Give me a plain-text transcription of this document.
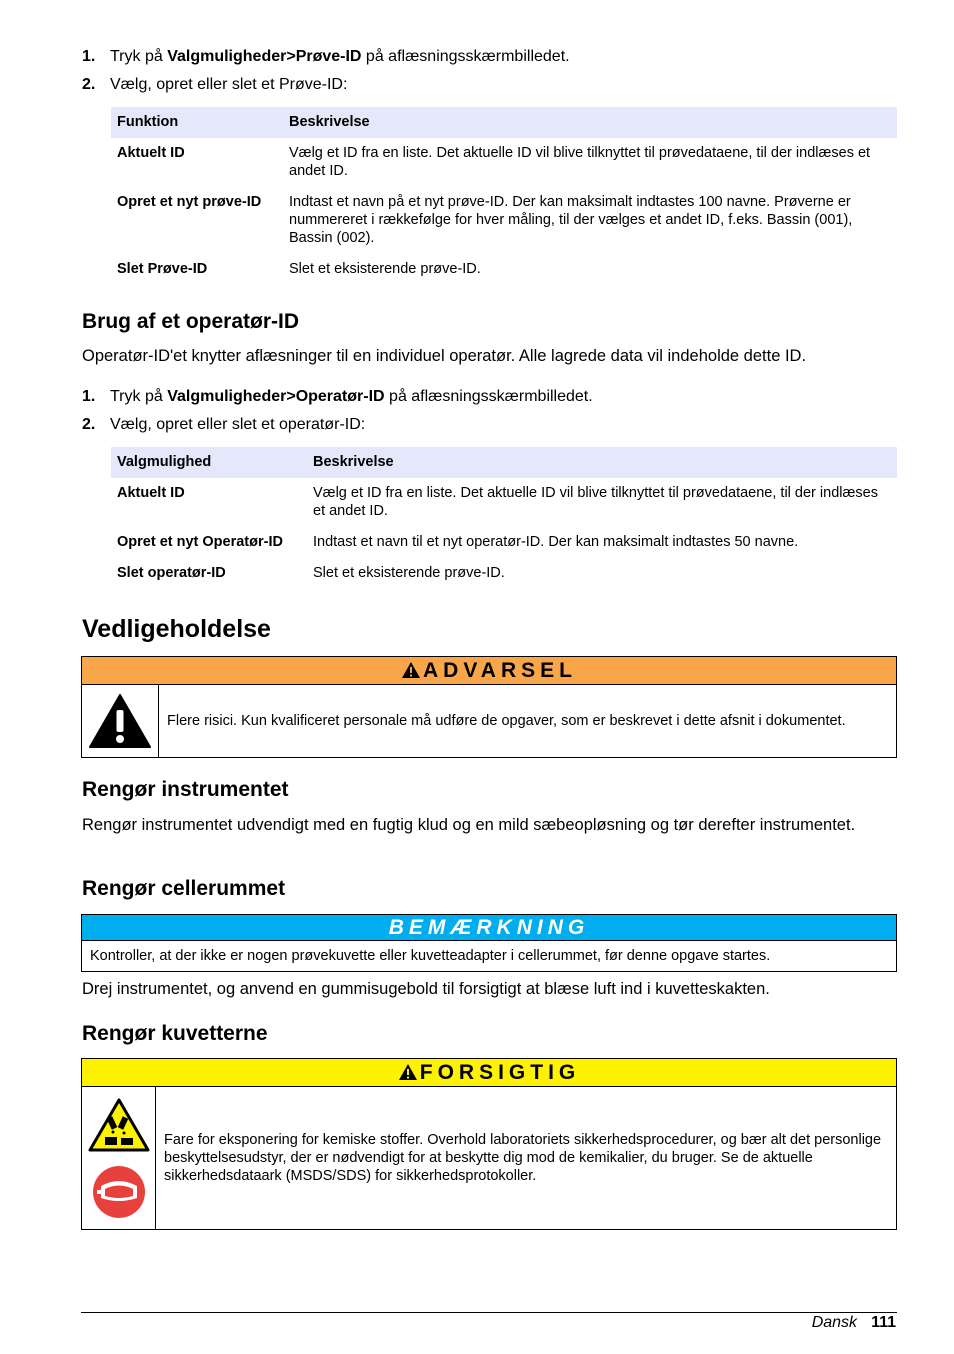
1. Tryk på Valgmuligheder>Prøve-ID på aflæsningsskærmbilledet.
2. Vælg, opret eller slet et Prøve-ID:
Funktion	Beskrivelse
Aktuelt ID	Vælg et ID fra en liste. Det aktuelle ID vil blive tilknyttet til prøvedataene, til der indlæses et andet ID.
Opret et nyt prøve-ID	Indtast et navn på et nyt prøve-ID. Der kan maksimalt indtastes 100 navne. Prøverne er nummereret i rækkefølge for hver måling, til der vælges et andet ID, f.eks. Bassin (001), Bassin (002).
Slet Prøve-ID	Slet et eksisterende prøve-ID.
Brug af et operatør-ID
Operatør-ID'et knytter aflæsninger til en individuel operatør. Alle lagrede data vil indeholde dette ID.
1. Tryk på Valgmuligheder>Operatør-ID på aflæsningsskærmbilledet.
2. Vælg, opret eller slet et operatør-ID:
Valgmulighed	Beskrivelse
Aktuelt ID	Vælg et ID fra en liste. Det aktuelle ID vil blive tilknyttet til prøvedataene, til der indlæses et andet ID.
Opret et nyt Operatør-ID	Indtast et navn til et nyt operatør-ID. Der kan maksimalt indtastes 50 navne.
Slet operatør-ID	Slet et eksisterende prøve-ID.
Vedligeholdelse
ADVARSEL
Flere risici. Kun kvalificeret personale må udføre de opgaver, som er beskrevet i dette afsnit i dokumentet.
Rengør instrumentet
Rengør instrumentet udvendigt med en fugtig klud og en mild sæbeopløsning og tør derefter instrumentet.
Rengør cellerummet
BEMÆRKNING
Kontroller, at der ikke er nogen prøvekuvette eller kuvetteadapter i cellerummet, før denne opgave startes.
Drej instrumentet, og anvend en gummisugebold til forsigtigt at blæse luft ind i kuvetteskakten.
Rengør kuvetterne
FORSIGTIG
Fare for eksponering for kemiske stoffer. Overhold laboratoriets sikkerhedsprocedurer, og bær alt det personlige beskyttelsesudstyr, der er nødvendigt for at beskytte dig mod de kemikalier, du bruger. Se de aktuelle sikkerhedsdataark (MSDS/SDS) for sikkerhedsprotokoller.
Dansk 111
